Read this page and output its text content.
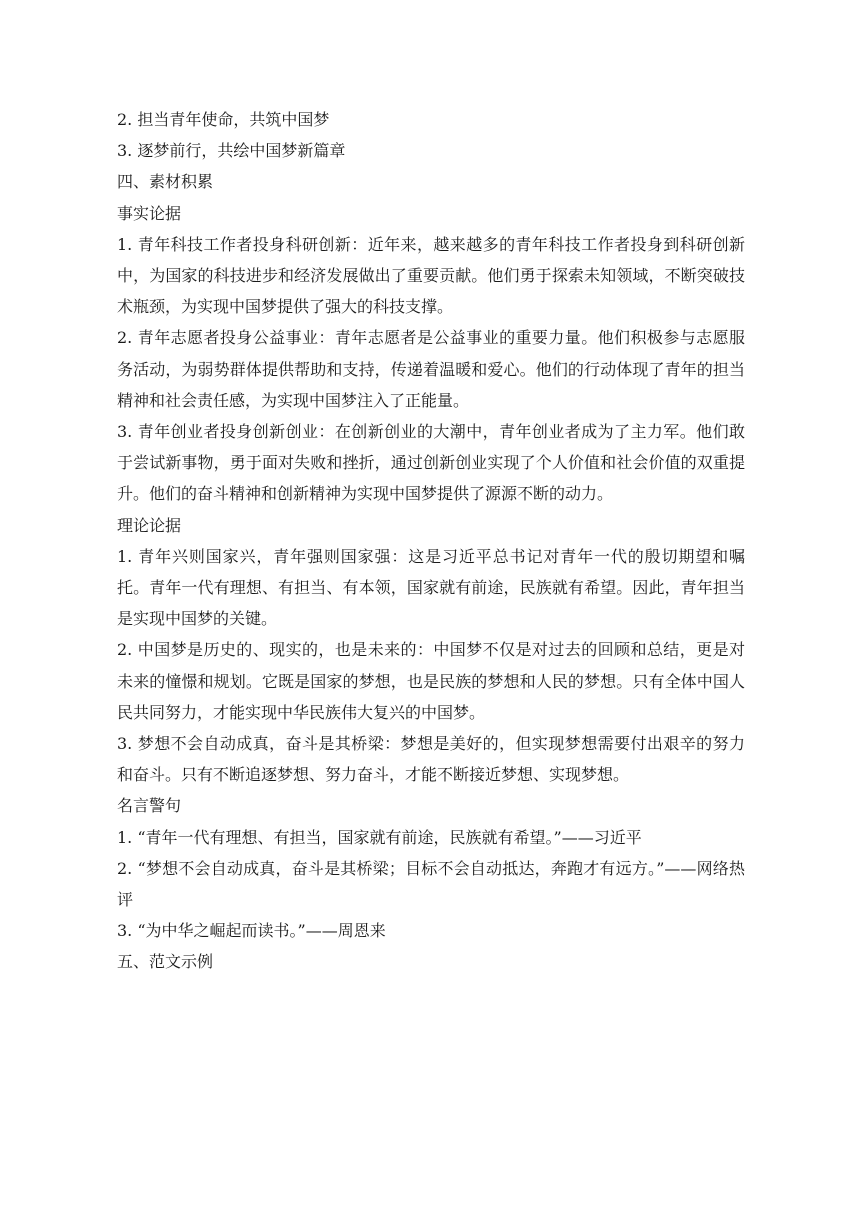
2. 担当青年使命，共筑中国梦
3. 逐梦前行，共绘中国梦新篇章
四、素材积累
事实论据
1. 青年科技工作者投身科研创新：近年来，越来越多的青年科技工作者投身到科研创新中，为国家的科技进步和经济发展做出了重要贡献。他们勇于探索未知领域，不断突破技术瓶颈，为实现中国梦提供了强大的科技支撑。
2. 青年志愿者投身公益事业：青年志愿者是公益事业的重要力量。他们积极参与志愿服务活动，为弱势群体提供帮助和支持，传递着温暖和爱心。他们的行动体现了青年的担当精神和社会责任感，为实现中国梦注入了正能量。
3. 青年创业者投身创新创业：在创新创业的大潮中，青年创业者成为了主力军。他们敢于尝试新事物，勇于面对失败和挫折，通过创新创业实现了个人价值和社会价值的双重提升。他们的奋斗精神和创新精神为实现中国梦提供了源源不断的动力。
理论论据
1. 青年兴则国家兴，青年强则国家强：这是习近平总书记对青年一代的殷切期望和嘱托。青年一代有理想、有担当、有本领，国家就有前途，民族就有希望。因此，青年担当是实现中国梦的关键。
2. 中国梦是历史的、现实的，也是未来的：中国梦不仅是对过去的回顾和总结，更是对未来的憧憬和规划。它既是国家的梦想，也是民族的梦想和人民的梦想。只有全体中国人民共同努力，才能实现中华民族伟大复兴的中国梦。
3. 梦想不会自动成真，奋斗是其桥梁：梦想是美好的，但实现梦想需要付出艰辛的努力和奋斗。只有不断追逐梦想、努力奋斗，才能不断接近梦想、实现梦想。
名言警句
1. “青年一代有理想、有担当，国家就有前途，民族就有希望。”——习近平
2. “梦想不会自动成真，奋斗是其桥梁；目标不会自动抵达，奔跑才有远方。”——网络热评
3. “为中华之崛起而读书。”——周恩来
五、范文示例
